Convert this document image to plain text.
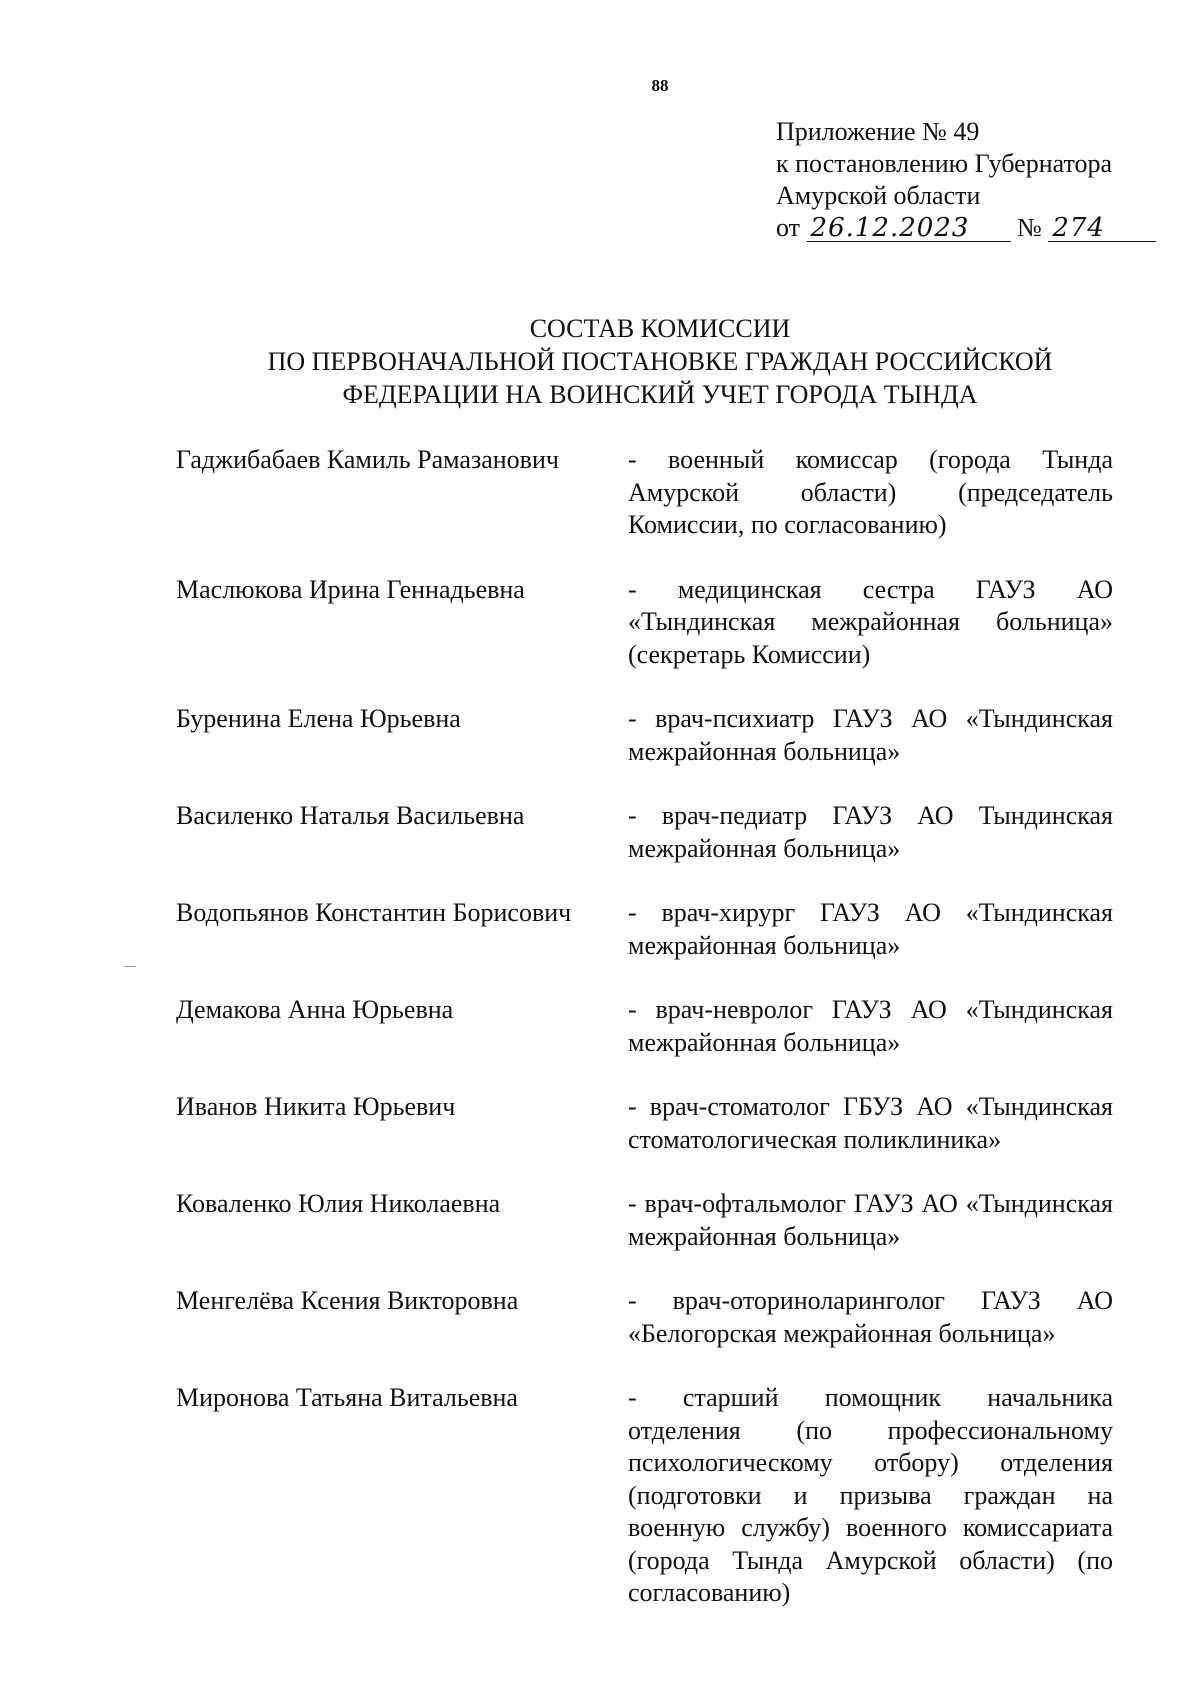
88
Приложение № 49
к постановлению Губернатора
Амурской области
от 26.12.2023 № 274
СОСТАВ КОМИССИИ
ПО ПЕРВОНАЧАЛЬНОЙ ПОСТАНОВКЕ ГРАЖДАН РОССИЙСКОЙ
ФЕДЕРАЦИИ НА ВОИНСКИЙ УЧЕТ ГОРОДА ТЫНДА
Гаджибабаев Камиль Рамазанович	- военный комиссар (города Тында Амурской области) (председатель Комиссии, по согласованию)
Маслюкова Ирина Геннадьевна	- медицинская сестра ГАУЗ АО «Тындинская межрайонная больница» (секретарь Комиссии)
Буренина Елена Юрьевна	- врач-психиатр ГАУЗ АО «Тындинская межрайонная больница»
Василенко Наталья Васильевна	- врач-педиатр ГАУЗ АО Тындинская межрайонная больница»
Водопьянов Константин Борисович	- врач-хирург ГАУЗ АО «Тындинская межрайонная больница»
Демакова Анна Юрьевна	- врач-невролог ГАУЗ АО «Тындинская межрайонная больница»
Иванов Никита Юрьевич	- врач-стоматолог ГБУЗ АО «Тындинская стоматологическая поликлиника»
Коваленко Юлия Николаевна	- врач-офтальмолог ГАУЗ АО «Тындинская межрайонная больница»
Менгелёва Ксения Викторовна	- врач-оториноларинголог ГАУЗ АО «Белогорская межрайонная больница»
Миронова Татьяна Витальевна	- старший помощник начальника отделения (по профессиональному психологическому отбору) отделения (подготовки и призыва граждан на военную службу) военного комиссариата (города Тында Амурской области) (по согласованию)
